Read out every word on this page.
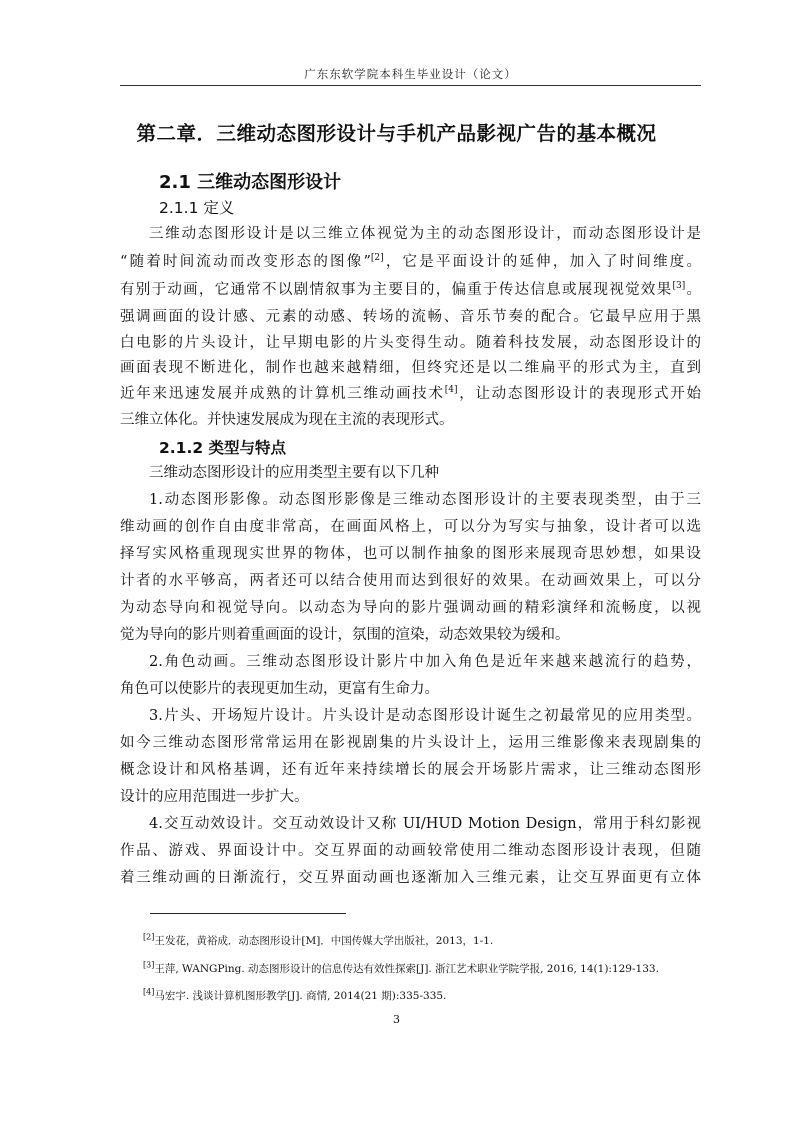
广东东软学院本科生毕业设计（论文）
第二章．三维动态图形设计与手机产品影视广告的基本概况
2.1 三维动态图形设计
2.1.1 定义
三维动态图形设计是以三维立体视觉为主的动态图形设计，而动态图形设计是
“随着时间流动而改变形态的图像”[2]，它是平面设计的延伸，加入了时间维度。
有别于动画，它通常不以剧情叙事为主要目的，偏重于传达信息或展现视觉效果[3]。
强调画面的设计感、元素的动感、转场的流畅、音乐节奏的配合。它最早应用于黑
白电影的片头设计，让早期电影的片头变得生动。随着科技发展，动态图形设计的
画面表现不断进化，制作也越来越精细，但终究还是以二维扁平的形式为主，直到
近年来迅速发展并成熟的计算机三维动画技术[4]，让动态图形设计的表现形式开始
三维立体化。并快速发展成为现在主流的表现形式。
2.1.2 类型与特点
三维动态图形设计的应用类型主要有以下几种
1.动态图形影像。动态图形影像是三维动态图形设计的主要表现类型，由于三
维动画的创作自由度非常高，在画面风格上，可以分为写实与抽象，设计者可以选
择写实风格重现现实世界的物体，也可以制作抽象的图形来展现奇思妙想，如果设
计者的水平够高，两者还可以结合使用而达到很好的效果。在动画效果上，可以分
为动态导向和视觉导向。以动态为导向的影片强调动画的精彩演绎和流畅度，以视
觉为导向的影片则着重画面的设计，氛围的渲染，动态效果较为缓和。
2.角色动画。三维动态图形设计影片中加入角色是近年来越来越流行的趋势，
角色可以使影片的表现更加生动，更富有生命力。
3.片头、开场短片设计。片头设计是动态图形设计诞生之初最常见的应用类型。
如今三维动态图形常常运用在影视剧集的片头设计上，运用三维影像来表现剧集的
概念设计和风格基调，还有近年来持续增长的展会开场影片需求，让三维动态图形
设计的应用范围进一步扩大。
4.交互动效设计。交互动效设计又称 UI/HUD Motion Design，常用于科幻影视
作品、游戏、界面设计中。交互界面的动画较常使用二维动态图形设计表现，但随
着三维动画的日渐流行，交互界面动画也逐渐加入三维元素，让交互界面更有立体
[2]王发花，黄裕成．动态图形设计[M]．中国传媒大学出版社，2013，1-1.
[3]王萍, WANGPing. 动态图形设计的信息传达有效性探索[J]. 浙江艺术职业学院学报, 2016, 14(1):129-133.
[4]马宏宇. 浅谈计算机图形教学[J]. 商情, 2014(21 期):335-335.
3
